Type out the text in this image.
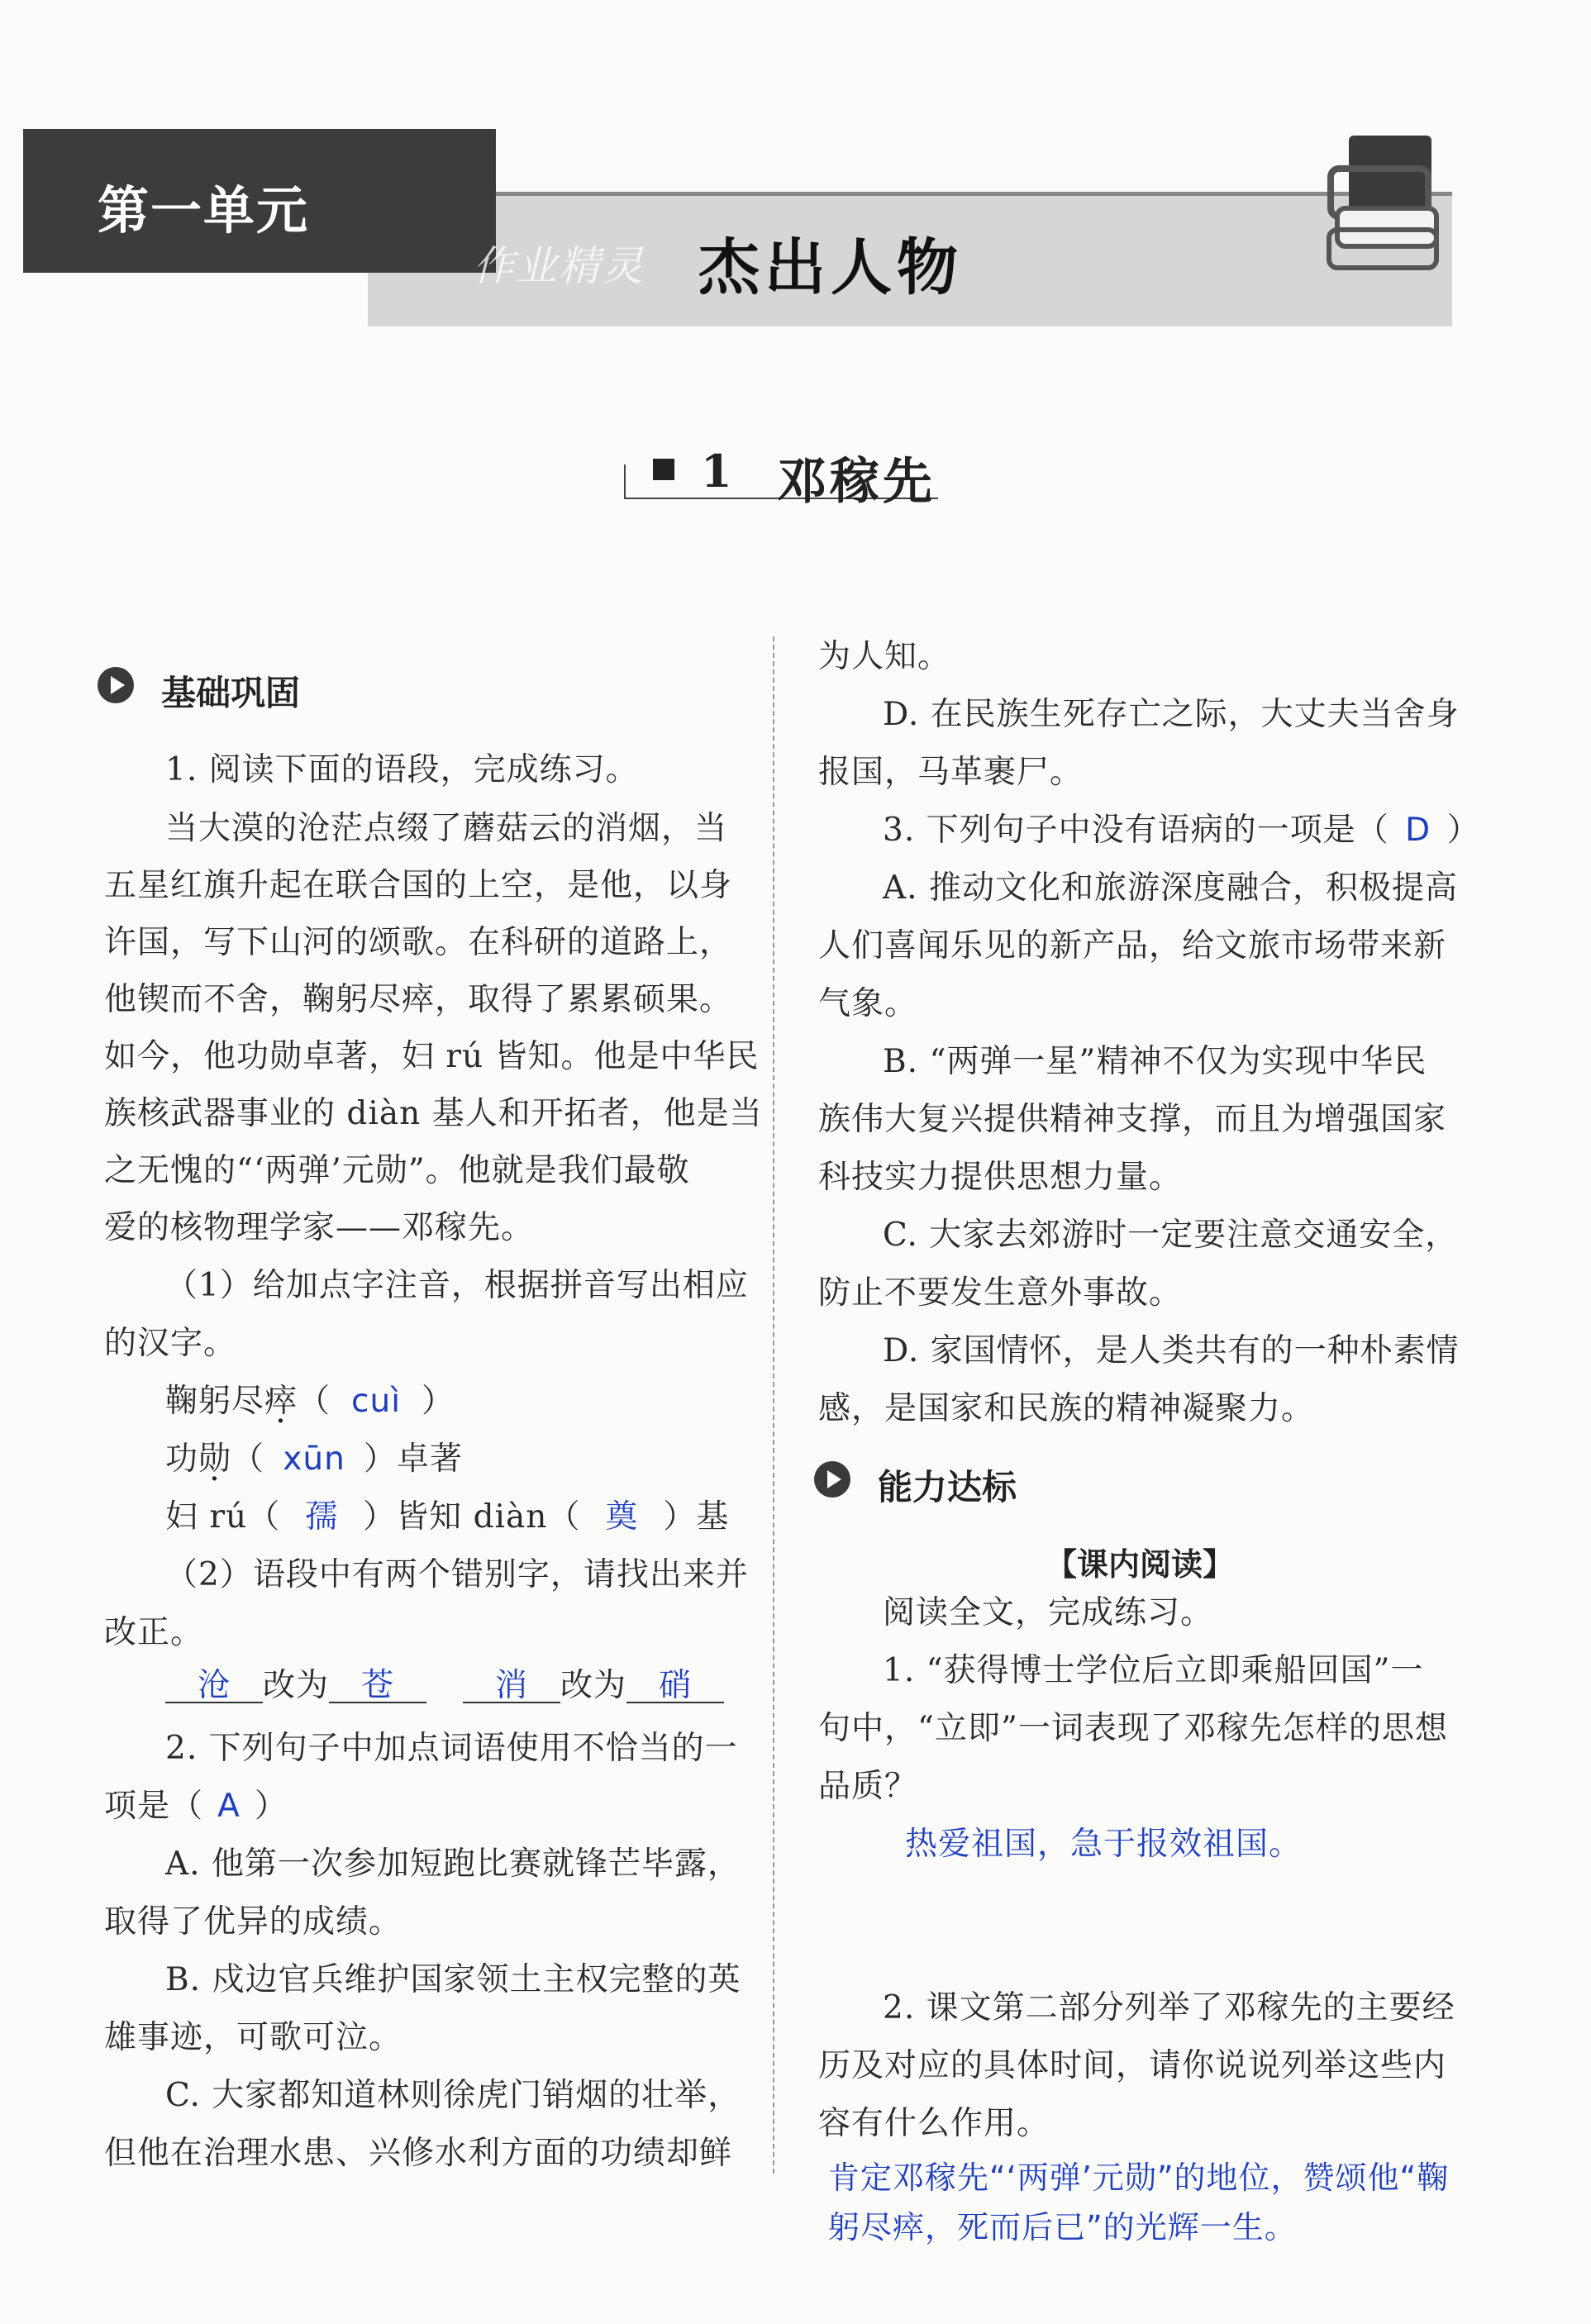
第一单元
作业精灵 杰出人物
1 邓稼先
基础巩固
1. 阅读下面的语段，完成练习。
当大漠的沧茫点缀了蘑菇云的消烟，当
五星红旗升起在联合国的上空，是他，以身
许国，写下山河的颂歌。在科研的道路上，
他锲而不舍，鞠躬尽瘁，取得了累累硕果。
如今，他功勋卓著，妇 rú 皆知。他是中华民
族核武器事业的 diàn 基人和开拓者，他是当
之无愧的“‘两弹’元勋”。他就是我们最敬
爱的核物理学家——邓稼先。
（1）给加点字注音，根据拼音写出相应
的汉字。
鞠躬尽瘁（ cuì ）
功勋（ xūn ）卓著
妇 rú（ 孺 ）皆知 diàn（ 奠 ）基
（2）语段中有两个错别字，请找出来并
改正。
沧 改为 苍	消 改为 硝
2. 下列句子中加点词语使用不恰当的一
项是（ A ）
A. 他第一次参加短跑比赛就锋芒毕露，
取得了优异的成绩。
B. 戍边官兵维护国家领土主权完整的英
雄事迹，可歌可泣。
C. 大家都知道林则徐虎门销烟的壮举，
但他在治理水患、兴修水利方面的功绩却鲜
为人知。
D. 在民族生死存亡之际，大丈夫当舍身
报国，马革裹尸。
3. 下列句子中没有语病的一项是（ D ）
A. 推动文化和旅游深度融合，积极提高
人们喜闻乐见的新产品，给文旅市场带来新
气象。
B. “两弹一星”精神不仅为实现中华民
族伟大复兴提供精神支撑，而且为增强国家
科技实力提供思想力量。
C. 大家去郊游时一定要注意交通安全，
防止不要发生意外事故。
D. 家国情怀，是人类共有的一种朴素情
感，是国家和民族的精神凝聚力。
能力达标
【课内阅读】
阅读全文，完成练习。
1. “获得博士学位后立即乘船回国”一
句中，“立即”一词表现了邓稼先怎样的思想
品质？
热爱祖国，急于报效祖国。
2. 课文第二部分列举了邓稼先的主要经
历及对应的具体时间，请你说说列举这些内
容有什么作用。
肯定邓稼先“‘两弹’元勋”的地位，赞颂他“鞠
躬尽瘁，死而后已”的光辉一生。
